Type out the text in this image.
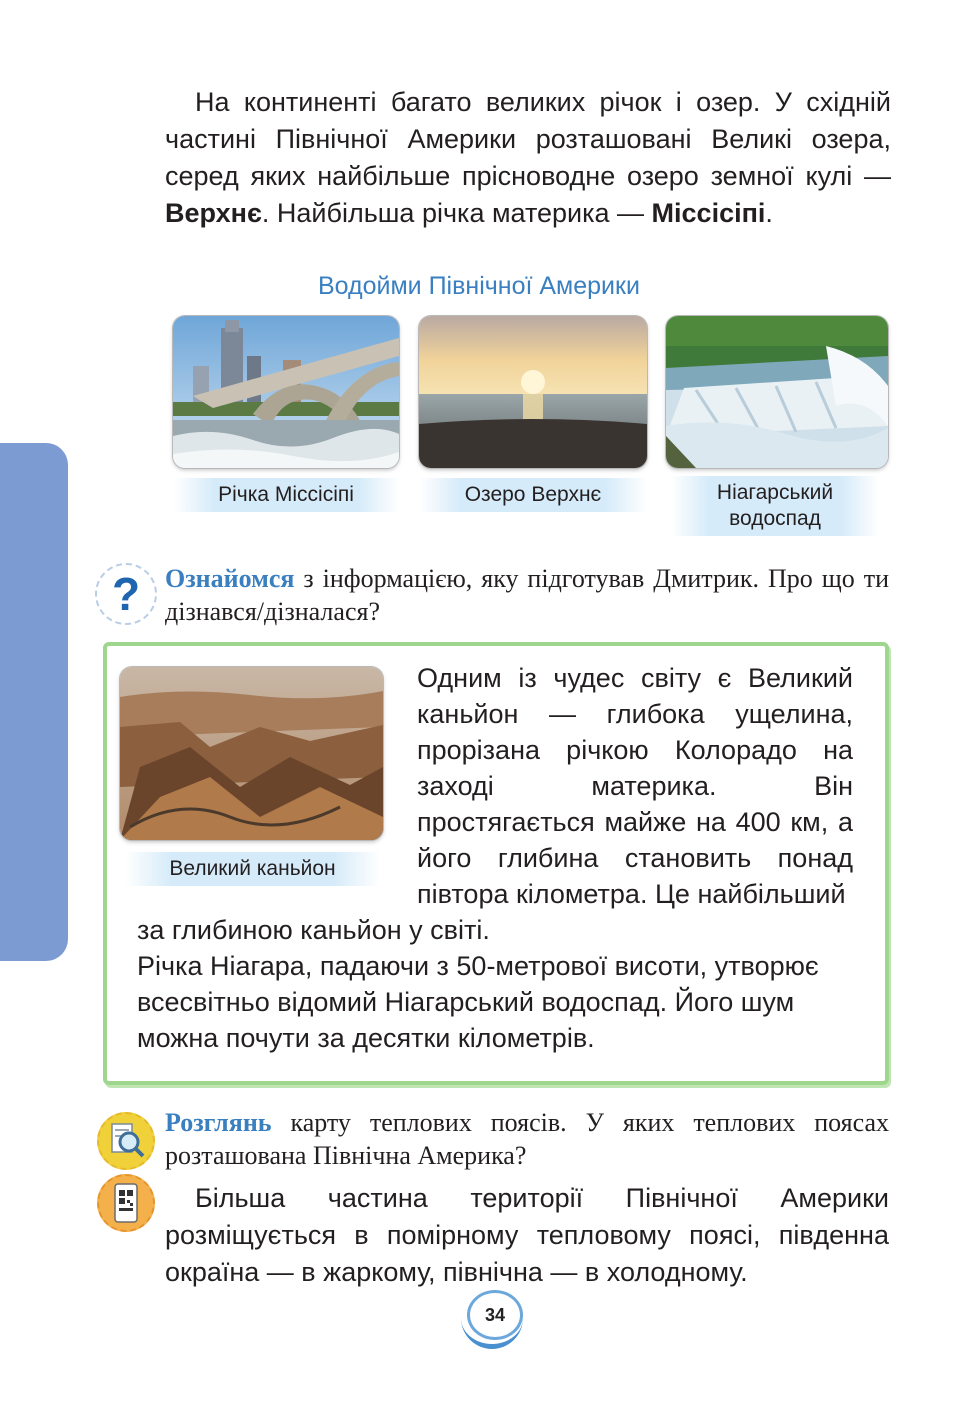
На континенті багато великих річок і озер. У східній частині Північної Америки розташовані Великі озера, серед яких найбільше прісноводне озеро земної кулі — Верхнє. Найбільша річка материка — Міссісіпі.

Водойми Північної Америки
Річка Міссісіпі	Озеро Верхнє	Ніагарський водоспад
? Ознайомся з інформацією, яку підготував Дмитрик. Про що ти дізнався/дізналася?

Великий каньйон

Одним із чудес світу є Великий каньйон — глибока ущелина, прорізана річкою Колорадо на заході материка. Він простягається майже на 400 км, а його глибина становить понад півтора кілометра. Це найбільший

за глибиною каньйон у світі.
Річка Ніагара, падаючи з 50-метрової висоти, утворює всесвітньо відомий Ніагарський водоспад. Його шум можна почути за десятки кілометрів.

Розглянь карту теплових поясів. У яких теплових поясах розташована Північна Америка?

Більша частина території Північної Америки розміщується в помірному тепловому поясі, південна окраїна — в жаркому, північна — в холодному.

34
